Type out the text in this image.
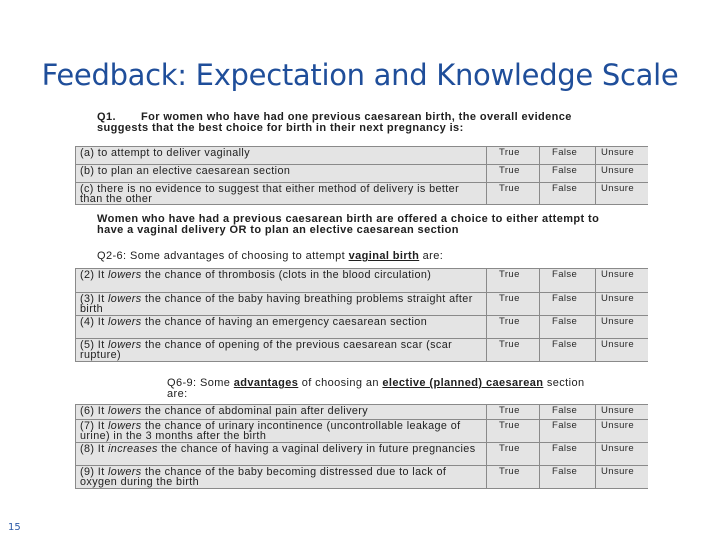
Feedback: Expectation and Knowledge Scale
Q1. For women who have had one previous caesarean birth, the overall evidence suggests that the best choice for birth in their next pregnancy is:
(a) to attempt to deliver vaginally	True	False	Unsure
(b) to plan an elective caesarean section	True	False	Unsure
(c) there is no evidence to suggest that either method of delivery is better than the other	True	False	Unsure
Women who have had a previous caesarean birth are offered a choice to either attempt to have a vaginal delivery OR to plan an elective caesarean section
Q2-6: Some advantages of choosing to attempt vaginal birth are:
(2) It lowers the chance of thrombosis (clots in the blood circulation)	True	False	Unsure
(3) It lowers the chance of the baby having breathing problems straight after birth	True	False	Unsure
(4) It lowers the chance of having an emergency caesarean section	True	False	Unsure
(5) It lowers the chance of opening of the previous caesarean scar (scar rupture)	True	False	Unsure
Q6-9: Some advantages of choosing an elective (planned) caesarean section are:
(6) It lowers the chance of abdominal pain after delivery	True	False	Unsure
(7) It lowers the chance of urinary incontinence (uncontrollable leakage of urine) in the 3 months after the birth	True	False	Unsure
(8) It increases the chance of having a vaginal delivery in future pregnancies	True	False	Unsure
(9) It lowers the chance of the baby becoming distressed due to lack of oxygen during the birth	True	False	Unsure
15
